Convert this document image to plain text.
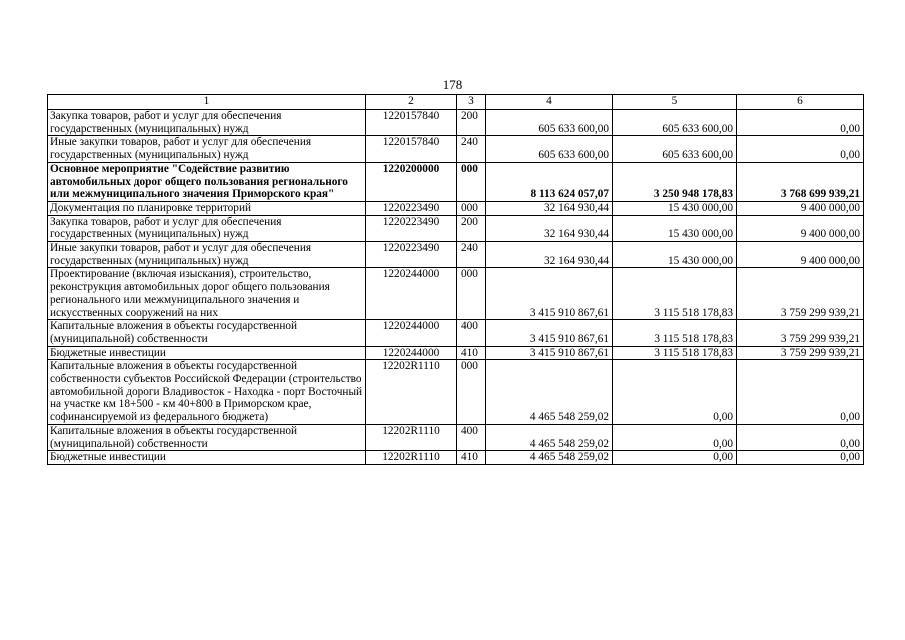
178
1	2	3	4	5	6
Закупка товаров, работ и услуг для обеспечения государственных (муниципальных) нужд	1220157840	200	605 633 600,00	605 633 600,00	0,00
Иные закупки товаров, работ и услуг для обеспечения государственных (муниципальных) нужд	1220157840	240	605 633 600,00	605 633 600,00	0,00
Основное мероприятие "Содействие развитию автомобильных дорог общего пользования регионального или межмуниципального значения Приморского края"	1220200000	000	8 113 624 057,07	3 250 948 178,83	3 768 699 939,21
Документация по планировке территорий	1220223490	000	32 164 930,44	15 430 000,00	9 400 000,00
Закупка товаров, работ и услуг для обеспечения государственных (муниципальных) нужд	1220223490	200	32 164 930,44	15 430 000,00	9 400 000,00
Иные закупки товаров, работ и услуг для обеспечения государственных (муниципальных) нужд	1220223490	240	32 164 930,44	15 430 000,00	9 400 000,00
Проектирование (включая изыскания), строительство, реконструкция автомобильных дорог общего пользования регионального или межмуниципального значения и искусственных сооружений на них	1220244000	000	3 415 910 867,61	3 115 518 178,83	3 759 299 939,21
Капитальные вложения в объекты государственной (муниципальной) собственности	1220244000	400	3 415 910 867,61	3 115 518 178,83	3 759 299 939,21
Бюджетные инвестиции	1220244000	410	3 415 910 867,61	3 115 518 178,83	3 759 299 939,21
Капитальные вложения в объекты государственной собственности субъектов Российской Федерации (строительство автомобильной дороги Владивосток - Находка - порт Восточный на участке км 18+500 - км 40+800 в Приморском крае, софинансируемой из федерального бюджета)	12202R1110	000	4 465 548 259,02	0,00	0,00
Капитальные вложения в объекты государственной (муниципальной) собственности	12202R1110	400	4 465 548 259,02	0,00	0,00
Бюджетные инвестиции	12202R1110	410	4 465 548 259,02	0,00	0,00
